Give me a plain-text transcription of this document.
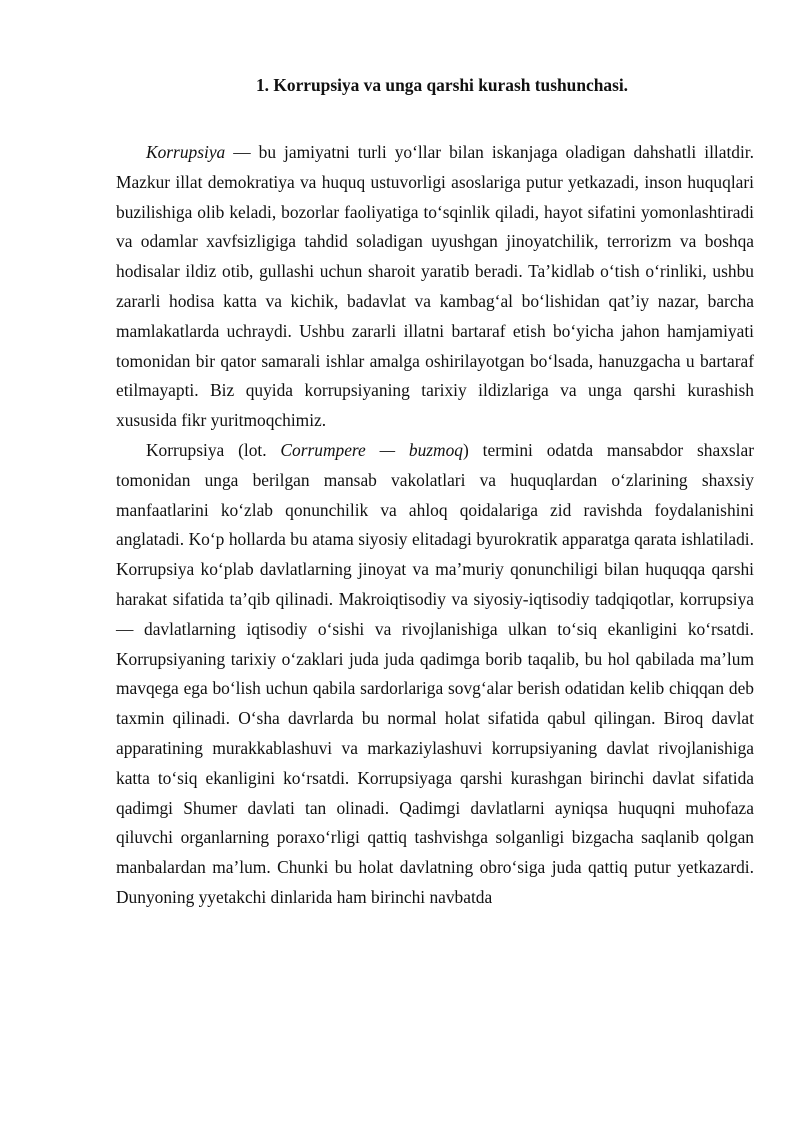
1. Korrupsiya va unga qarshi kurash tushunchasi.

Korrupsiya — bu jamiyatni turli yo‘llar bilan iskanjaga oladigan dahshatli illatdir. Mazkur illat demokratiya va huquq ustuvorligi asoslariga putur yetkazadi, inson huquqlari buzilishiga olib keladi, bozorlar faoliyatiga to‘sqinlik qiladi, hayot sifatini yomonlashtiradi va odamlar xavfsizligiga tahdid soladigan uyushgan jinoyatchilik, terrorizm va boshqa hodisalar ildiz otib, gullashi uchun sharoit yaratib beradi. Ta’kidlab o‘tish o‘rinliki, ushbu zararli hodisa katta va kichik, badavlat va kambag‘al bo‘lishidan qat’iy nazar, barcha mamlakatlarda uchraydi. Ushbu zararli illatni bartaraf etish bo‘yicha jahon hamjamiyati tomonidan bir qator samarali ishlar amalga oshirilayotgan bo‘lsada, hanuzgacha u bartaraf etilmayapti. Biz quyida korrupsiyaning tarixiy ildizlariga va unga qarshi kurashish xususida fikr yuritmoqchimiz.

Korrupsiya (lot. Corrumpere — buzmoq) termini odatda mansabdor shaxslar tomonidan unga berilgan mansab vakolatlari va huquqlardan o‘zlarining shaxsiy manfaatlarini ko‘zlab qonunchilik va ahloq qoidalariga zid ravishda foydalanishini anglatadi. Ko‘p hollarda bu atama siyosiy elitadagi byurokratik apparatga qarata ishlatiladi. Korrupsiya ko‘plab davlatlarning jinoyat va ma’muriy qonunchiligi bilan huquqqa qarshi harakat sifatida ta’qib qilinadi. Makroiqtisodiy va siyosiy-iqtisodiy tadqiqotlar, korrupsiya — davlatlarning iqtisodiy o‘sishi va rivojlanishiga ulkan to‘siq ekanligini ko‘rsatdi. Korrupsiyaning tarixiy o‘zaklari juda juda qadimga borib taqalib, bu hol qabilada ma’lum mavqega ega bo‘lish uchun qabila sardorlariga sovg‘alar berish odatidan kelib chiqqan deb taxmin qilinadi. O‘sha davrlarda bu normal holat sifatida qabul qilingan. Biroq davlat apparatining murakkablashuvi va markaziylashuvi korrupsiyaning davlat rivojlanishiga katta to‘siq ekanligini ko‘rsatdi. Korrupsiyaga qarshi kurashgan birinchi davlat sifatida qadimgi Shumer davlati tan olinadi. Qadimgi davlatlarni ayniqsa huquqni muhofaza qiluvchi organlarning poraxo‘rligi qattiq tashvishga solganligi bizgacha saqlanib qolgan manbalardan ma’lum. Chunki bu holat davlatning obro‘siga juda qattiq putur yetkazardi. Dunyoning yyetakchi dinlarida ham birinchi navbatda
